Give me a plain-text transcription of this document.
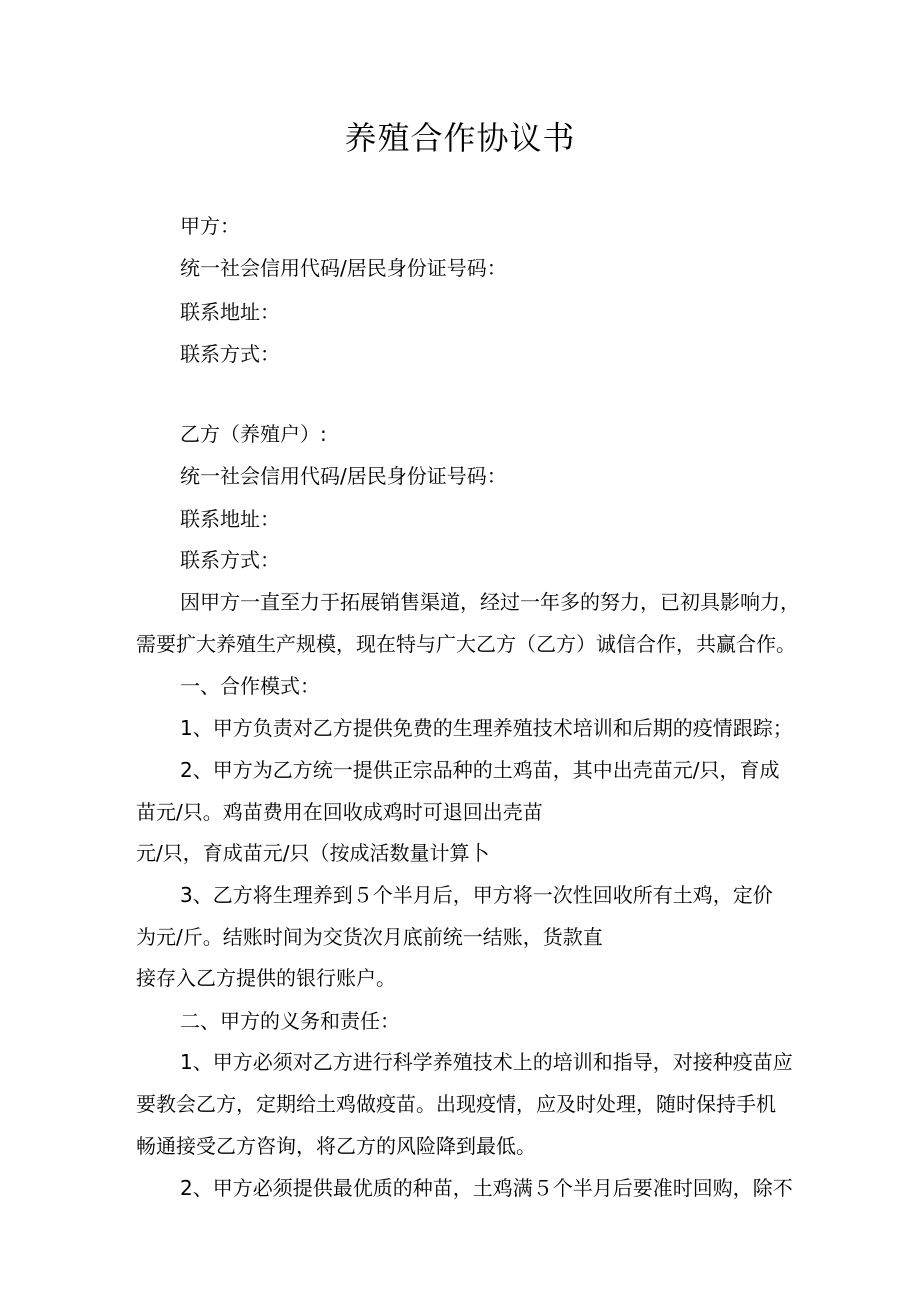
养殖合作协议书
甲方：
统一社会信用代码/居民身份证号码：
联系地址：
联系方式：
乙方（养殖户）:
统一社会信用代码/居民身份证号码：
联系地址：
联系方式：
因甲方一直至力于拓展销售渠道，经过一年多的努力，已初具影响力，
需要扩大养殖生产规模，现在特与广大乙方（乙方）诚信合作，共赢合作。
一、合作模式：
1、甲方负责对乙方提供免费的生理养殖技术培训和后期的疫情跟踪；
2、甲方为乙方统一提供正宗品种的土鸡苗，其中出壳苗元/只，育成
苗元/只。鸡苗费用在回收成鸡时可退回出壳苗
元/只，育成苗元/只（按成活数量计算卜
3、乙方将生理养到５个半月后，甲方将一次性回收所有土鸡，定价
为元/斤。结账时间为交货次月底前统一结账，货款直
接存入乙方提供的银行账户。
二、甲方的义务和责任：
1、甲方必须对乙方进行科学养殖技术上的培训和指导，对接种疫苗应
要教会乙方，定期给土鸡做疫苗。出现疫情，应及时处理，随时保持手机
畅通接受乙方咨询，将乙方的风险降到最低。
2、甲方必须提供最优质的种苗，土鸡满５个半月后要准时回购，除不
